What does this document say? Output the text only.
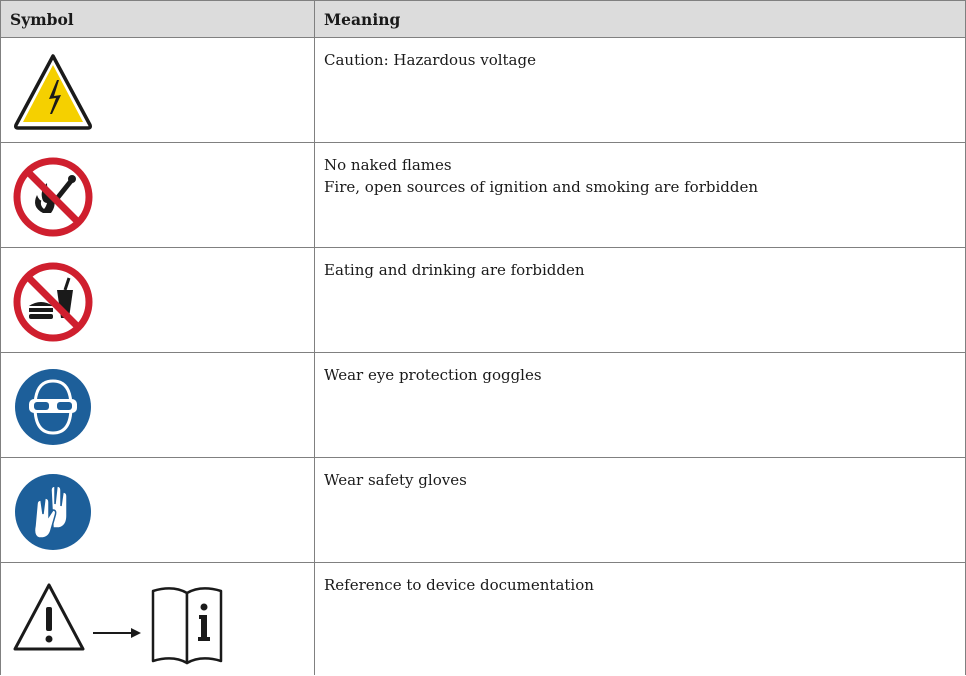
Symbol	Meaning

Caution: Hazardous voltage

No naked flames
Fire, open sources of ignition and smoking are forbidden

Eating and drinking are forbidden

Wear eye protection goggles

Wear safety gloves

Reference to device documentation
